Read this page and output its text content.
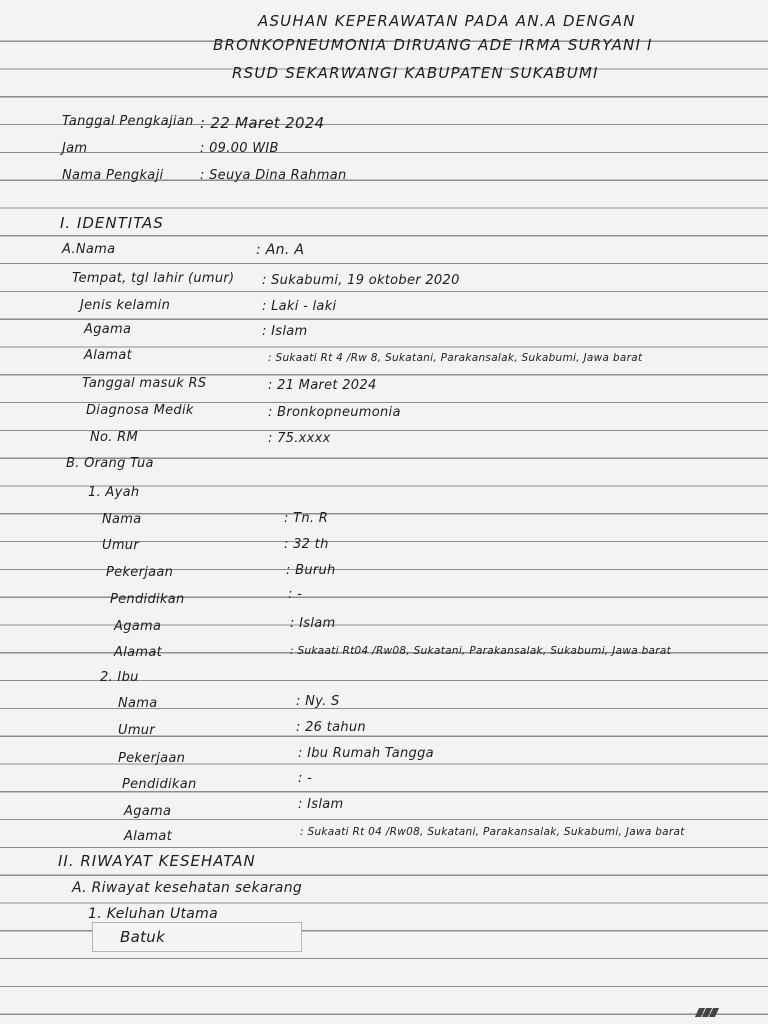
ASUHAN KEPERAWATAN PADA AN.A DENGAN
BRONKOPNEUMONIA DIRUANG ADE IRMA SURYANI I
RSUD SEKARWANGI KABUPATEN SUKABUMI
Tanggal Pengkajian : 22 Maret 2024
Jam	: 09.00 WIB
Nama Pengkaji	: Seuya Dina Rahman
I. IDENTITAS
A.Nama	: An. A
Tempat, tgl lahir (umur) : Sukabumi, 19 oktober 2020
Jenis kelamin	: Laki - laki
Agama	: Islam
Alamat	: Sukaati Rt 4 /Rw 8, Sukatani, Parakansalak, Sukabumi, Jawa barat
Tanggal masuk RS	: 21 Maret 2024
Diagnosa Medik	: Bronkopneumonia
No. RM	: 75.xxxx
B. Orang Tua
1. Ayah
Nama	: Tn. R
Umur	: 32 th
Pekerjaan	: Buruh
Pendidikan	: -
Agama	: Islam
Alamat	: Sukaati Rt04 /Rw08, Sukatani, Parakansalak, Sukabumi, Jawa barat
2. Ibu
Nama	: Ny. S
Umur	: 26 tahun
Pekerjaan	: Ibu Rumah Tangga
Pendidikan	: -
Agama	: Islam
Alamat	: Sukaati Rt 04 /Rw08, Sukatani, Parakansalak, Sukabumi, Jawa barat
II. RIWAYAT KESEHATAN
A. Riwayat kesehatan sekarang
1. Keluhan Utama
Batuk
